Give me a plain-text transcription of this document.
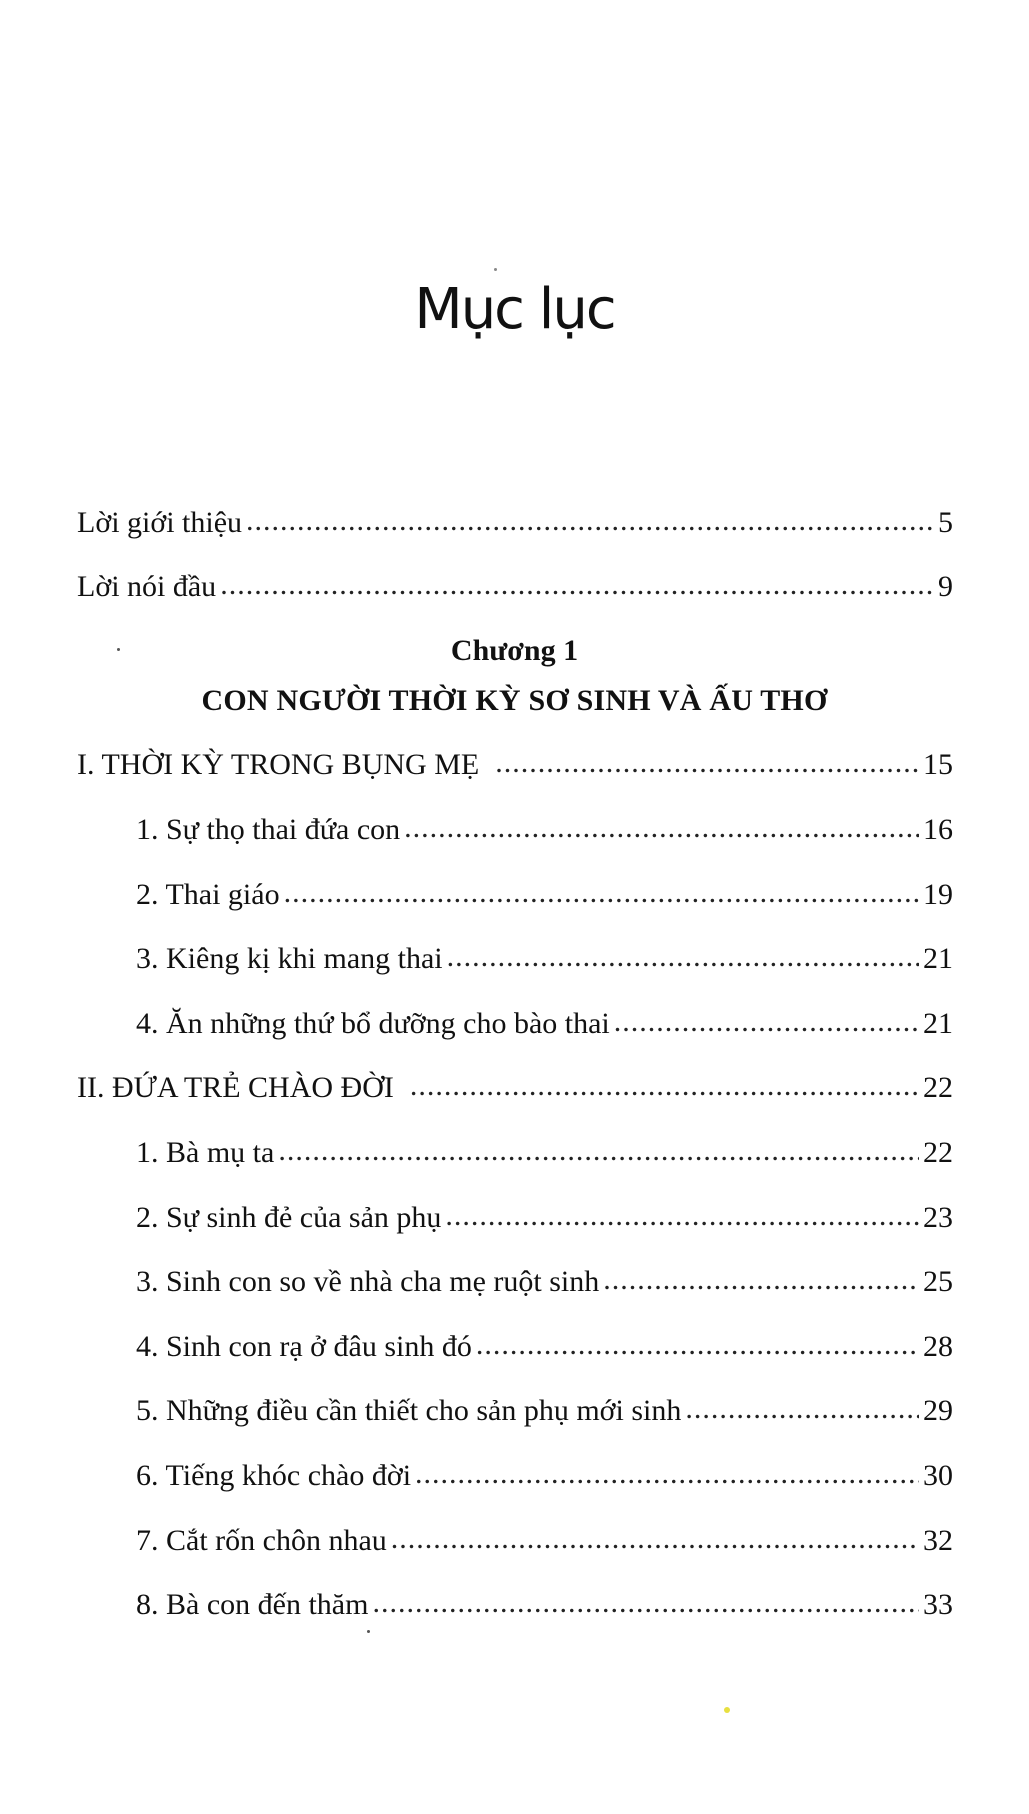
Mục lục
Lời giới thiệu .....	5
Lời nói đầu .....	9
Chương 1
CON NGƯỜI THỜI KỲ SƠ SINH VÀ ẤU THƠ
I. THỜI KỲ TRONG BỤNG MẸ .....	15
1. Sự thọ thai đứa con .....	16
2. Thai giáo .....	19
3. Kiêng kị khi mang thai .....	21
4. Ăn những thứ bổ dưỡng cho bào thai .....	21
II. ĐỨA TRẺ CHÀO ĐỜI .....	22
1. Bà mụ ta .....	22
2. Sự sinh đẻ của sản phụ .....	23
3. Sinh con so về nhà cha mẹ ruột sinh .....	25
4. Sinh con rạ ở đâu sinh đó .....	28
5. Những điều cần thiết cho sản phụ mới sinh .....	29
6. Tiếng khóc chào đời .....	30
7. Cắt rốn chôn nhau .....	32
8. Bà con đến thăm .....	33
